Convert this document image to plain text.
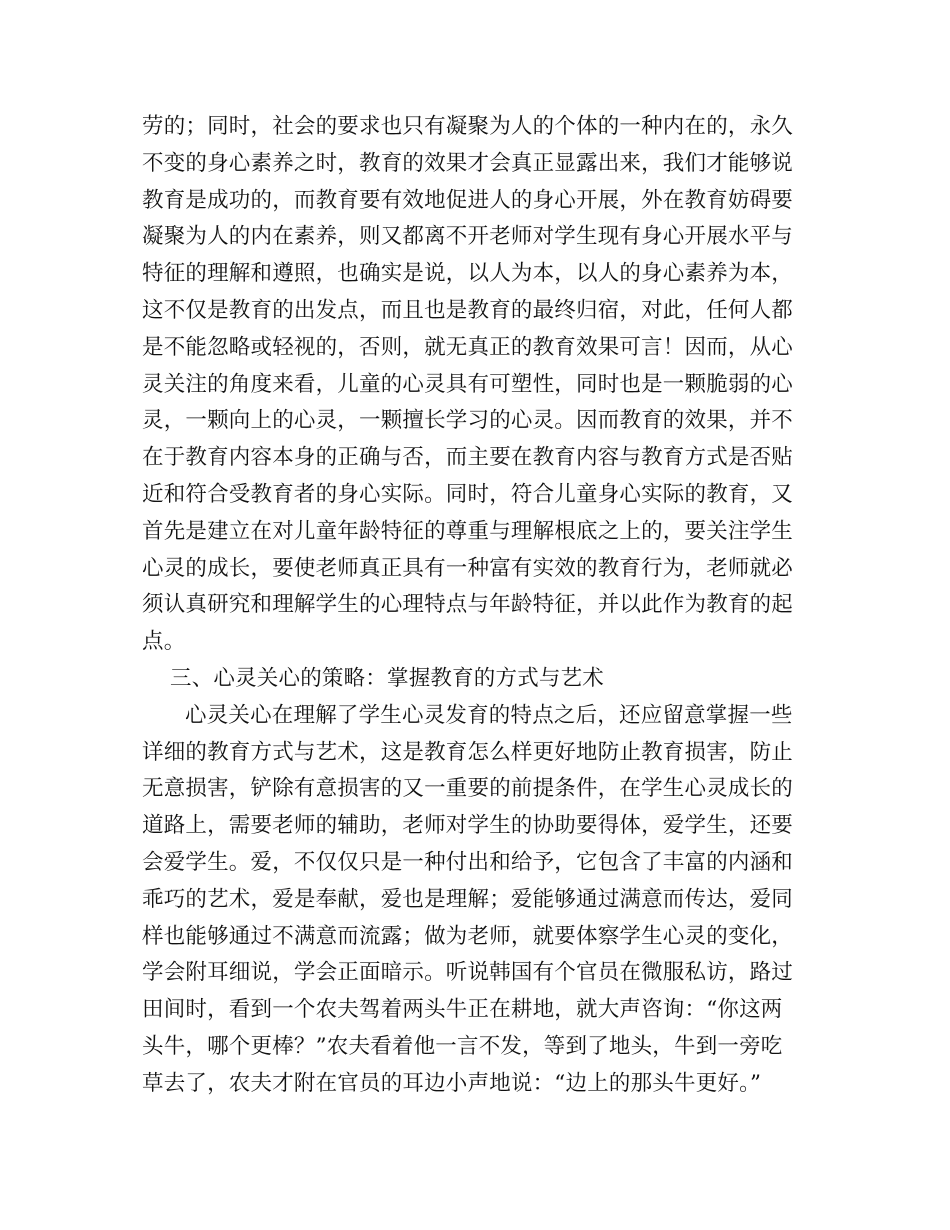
劳的；同时，社会的要求也只有凝聚为人的个体的一种内在的，永久
不变的身心素养之时，教育的效果才会真正显露出来，我们才能够说
教育是成功的，而教育要有效地促进人的身心开展，外在教育妨碍要
凝聚为人的内在素养，则又都离不开老师对学生现有身心开展水平与
特征的理解和遵照，也确实是说，以人为本，以人的身心素养为本，
这不仅是教育的出发点，而且也是教育的最终归宿，对此，任何人都
是不能忽略或轻视的，否则，就无真正的教育效果可言！因而，从心
灵关注的角度来看，儿童的心灵具有可塑性，同时也是一颗脆弱的心
灵，一颗向上的心灵，一颗擅长学习的心灵。因而教育的效果，并不
在于教育内容本身的正确与否，而主要在教育内容与教育方式是否贴
近和符合受教育者的身心实际。同时，符合儿童身心实际的教育，又
首先是建立在对儿童年龄特征的尊重与理解根底之上的，要关注学生
心灵的成长，要使老师真正具有一种富有实效的教育行为，老师就必
须认真研究和理解学生的心理特点与年龄特征，并以此作为教育的起
点。
三、心灵关心的策略：掌握教育的方式与艺术
心灵关心在理解了学生心灵发育的特点之后，还应留意掌握一些
详细的教育方式与艺术，这是教育怎么样更好地防止教育损害，防止
无意损害，铲除有意损害的又一重要的前提条件，在学生心灵成长的
道路上，需要老师的辅助，老师对学生的协助要得体，爱学生，还要
会爱学生。爱，不仅仅只是一种付出和给予，它包含了丰富的内涵和
乖巧的艺术，爱是奉献，爱也是理解；爱能够通过满意而传达，爱同
样也能够通过不满意而流露；做为老师，就要体察学生心灵的变化，
学会附耳细说，学会正面暗示。听说韩国有个官员在微服私访，路过
田间时，看到一个农夫驾着两头牛正在耕地，就大声咨询：“你这两
头牛，哪个更棒？”农夫看着他一言不发，等到了地头，牛到一旁吃
草去了，农夫才附在官员的耳边小声地说：“边上的那头牛更好。”
